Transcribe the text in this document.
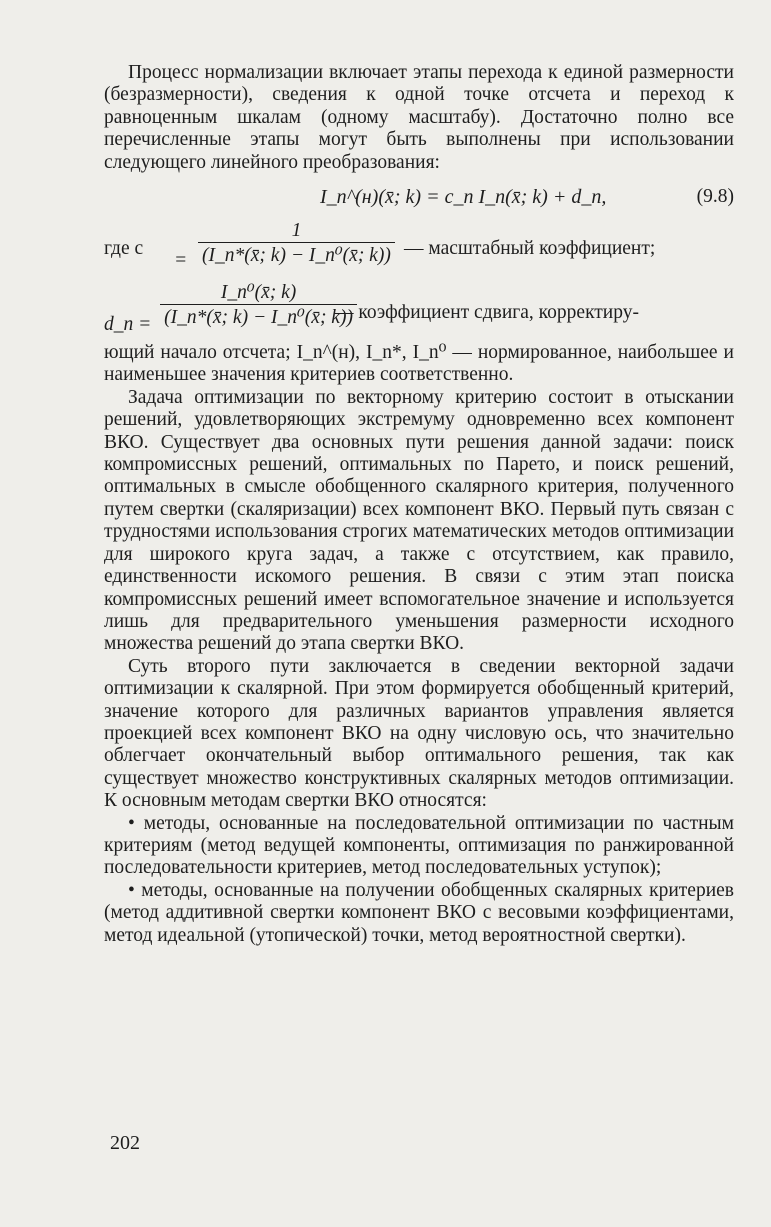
Процесс нормализации включает этапы перехода к единой размерности (безразмерности), сведения к одной точке отсчета и переход к равноценным шкалам (одному масштабу). Достаточно полно все перечисленные этапы могут быть выполнены при использовании следующего линейного преобразования:

I_n^(н)(x̄; k) = c_n I_n(x̄; k) + d_n,	(9.8)
где c
= $\frac{1}{\text{(I\_n*(x̄; k) − I\_n⁰(x̄; k))}}$ — масштабный коэффициент;
d_n = $\frac{\text{I\_n⁰(x̄; k)}}{\text{(I\_n*(x̄; k) − I\_n⁰(x̄; k))}}$
— коэффициент сдвига, корректиру-

ющий начало отсчета; I_n^(н), I_n*, I_n⁰ — нормированное, наибольшее и наименьшее значения критериев соответственно.

Задача оптимизации по векторному критерию состоит в отыскании решений, удовлетворяющих экстремуму одновременно всех компонент ВКО. Существует два основных пути решения данной задачи: поиск компромиссных решений, оптимальных по Парето, и поиск решений, оптимальных в смысле обобщенного скалярного критерия, полученного путем свертки (скаляризации) всех компонент ВКО. Первый путь связан с трудностями использования строгих математических методов оптимизации для широкого круга задач, а также с отсутствием, как правило, единственности искомого решения. В связи с этим этап поиска компромиссных решений имеет вспомогательное значение и используется лишь для предварительного уменьшения размерности исходного множества решений до этапа свертки ВКО.

Суть второго пути заключается в сведении векторной задачи оптимизации к скалярной. При этом формируется обобщенный критерий, значение которого для различных вариантов управления является проекцией всех компонент ВКО на одну числовую ось, что значительно облегчает окончательный выбор оптимального решения, так как существует множество конструктивных скалярных методов оптимизации. К основным методам свертки ВКО относятся:

• методы, основанные на последовательной оптимизации по частным критериям (метод ведущей компоненты, оптимизация по ранжированной последовательности критериев, метод последовательных уступок);

• методы, основанные на получении обобщенных скалярных критериев (метод аддитивной свертки компонент ВКО с весовыми коэффициентами, метод идеальной (утопической) точки, метод вероятностной свертки).

202
